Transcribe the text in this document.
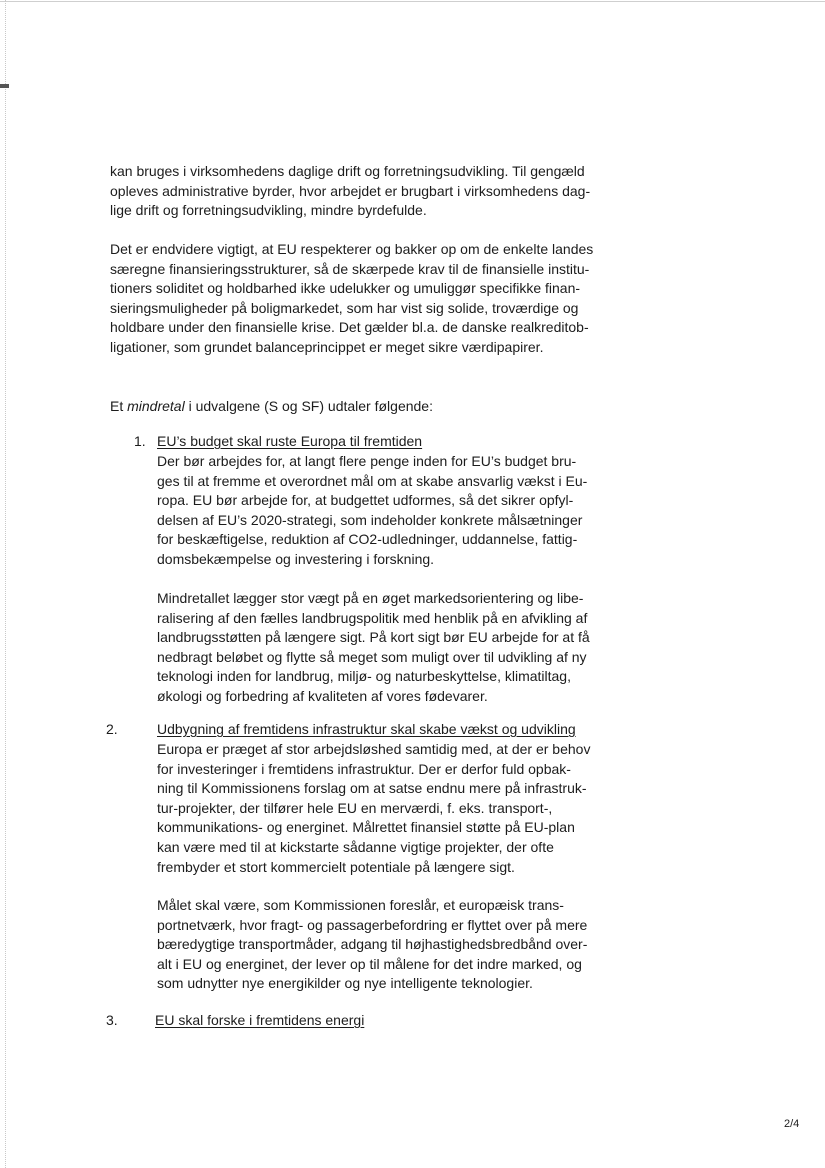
kan bruges i virksomhedens daglige drift og forretningsudvikling. Til gengæld
opleves administrative byrder, hvor arbejdet er brugbart i virksomhedens dag-
lige drift og forretningsudvikling, mindre byrdefulde.
Det er endvidere vigtigt, at EU respekterer og bakker op om de enkelte landes
særegne finansieringsstrukturer, så de skærpede krav til de finansielle institu-
tioners soliditet og holdbarhed ikke udelukker og umuliggør specifikke finan-
sieringsmuligheder på boligmarkedet, som har vist sig solide, troværdige og
holdbare under den finansielle krise. Det gælder bl.a. de danske realkreditob-
ligationer, som grundet balanceprincippet er meget sikre værdipapirer.
Et mindretal i udvalgene (S og SF) udtaler følgende:
1. EU’s budget skal ruste Europa til fremtiden
Der bør arbejdes for, at langt flere penge inden for EU’s budget bru-
ges til at fremme et overordnet mål om at skabe ansvarlig vækst i Eu-
ropa. EU bør arbejde for, at budgettet udformes, så det sikrer opfyl-
delsen af EU’s 2020-strategi, som indeholder konkrete målsætninger
for beskæftigelse, reduktion af CO2-udledninger, uddannelse, fattig-
domsbekæmpelse og investering i forskning.
Mindretallet lægger stor vægt på en øget markedsorientering og libe-
ralisering af den fælles landbrugspolitik med henblik på en afvikling af
landbrugsstøtten på længere sigt. På kort sigt bør EU arbejde for at få
nedbragt beløbet og flytte så meget som muligt over til udvikling af ny
teknologi inden for landbrug, miljø- og naturbeskyttelse, klimatiltag,
økologi og forbedring af kvaliteten af vores fødevarer.
2.	Udbygning af fremtidens infrastruktur skal skabe vækst og udvikling
Europa er præget af stor arbejdsløshed samtidig med, at der er behov
for investeringer i fremtidens infrastruktur. Der er derfor fuld opbak-
ning til Kommissionens forslag om at satse endnu mere på infrastruk-
tur-projekter, der tilfører hele EU en merværdi, f. eks. transport-,
kommunikations- og energinet. Målrettet finansiel støtte på EU-plan
kan være med til at kickstarte sådanne vigtige projekter, der ofte
frembyder et stort kommercielt potentiale på længere sigt.
Målet skal være, som Kommissionen foreslår, et europæisk trans-
portnetværk, hvor fragt- og passagerbefordring er flyttet over på mere
bæredygtige transportmåder, adgang til højhastighedsbredbånd over-
alt i EU og energinet, der lever op til målene for det indre marked, og
som udnytter nye energikilder og nye intelligente teknologier.
3.	EU skal forske i fremtidens energi
2/4
